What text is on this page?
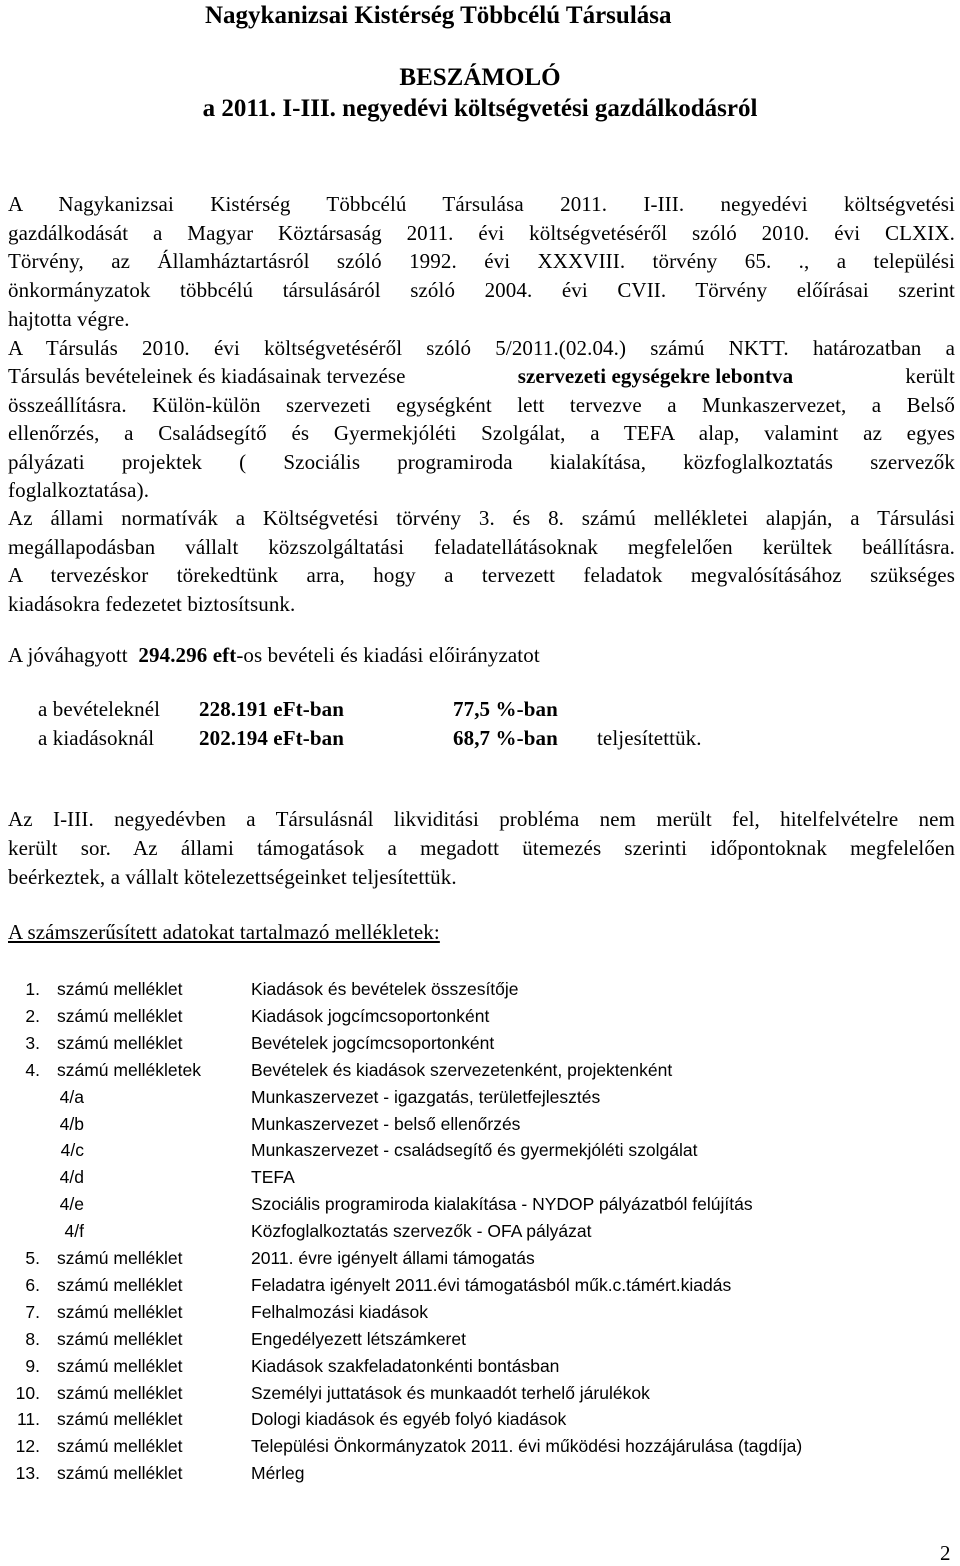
Nagykanizsai Kistérség Többcélú Társulása
BESZÁMOLÓ
a 2011. I-III. negyedévi költségvetési gazdálkodásról
A Nagykanizsai Kistérség Többcélú Társulása 2011. I-III. negyedévi költségvetési
gazdálkodását a Magyar Köztársaság 2011. évi költségvetéséről szóló 2010. évi CLXIX.
Törvény, az Államháztartásról szóló 1992. évi XXXVIII. törvény 65. ., a települési
önkormányzatok többcélú társulásáról szóló 2004. évi CVII. Törvény előírásai szerint
hajtotta végre.
A Társulás 2010. évi költségvetéséről szóló 5/2011.(02.04.) számú NKTT. határozatban a
Társulás bevételeinek és kiadásainak tervezése	szervezeti egységekre lebontva	került
összeállításra. Külön-külön szervezeti egységként lett tervezve a Munkaszervezet, a Belső
ellenőrzés, a Családsegítő és Gyermekjóléti Szolgálat, a TEFA alap, valamint az egyes
pályázati projektek ( Szociális programiroda kialakítása, közfoglalkoztatás szervezők
foglalkoztatása).
Az állami normatívák a Költségvetési törvény 3. és 8. számú mellékletei alapján, a Társulási
megállapodásban vállalt közszolgáltatási feladatellátásoknak megfelelően kerültek beállításra.
A tervezéskor törekedtünk arra, hogy a tervezett feladatok megvalósításához szükséges
kiadásokra fedezetet biztosítsunk.
A jóváhagyott 294.296 eft-os bevételi és kiadási előirányzatot
a bevételeknél 228.191 eFt-ban	77,5 %-ban
a kiadásoknál 202.194 eFt-ban	68,7 %-ban teljesítettük.
Az I-III. negyedévben a Társulásnál likviditási probléma nem merült fel, hitelfelvételre nem
került sor. Az állami támogatások a megadott ütemezés szerinti időpontoknak megfelelően
beérkeztek, a vállalt kötelezettségeinket teljesítettük.
A számszerűsített adatokat tartalmazó mellékletek:
1. számú melléklet	Kiadások és bevételek összesítője
2. számú melléklet	Kiadások jogcímcsoportonként
3. számú melléklet	Bevételek jogcímcsoportonként
4. számú mellékletek	Bevételek és kiadások szervezetenként, projektenként
4/a	Munkaszervezet - igazgatás, területfejlesztés
4/b	Munkaszervezet - belső ellenőrzés
4/c	Munkaszervezet - családsegítő és gyermekjóléti szolgálat
4/d	TEFA
4/e	Szociális programiroda kialakítása - NYDOP pályázatból felújítás
4/f	Közfoglalkoztatás szervezők - OFA pályázat
5. számú melléklet	2011. évre igényelt állami támogatás
6. számú melléklet	Feladatra igényelt 2011.évi támogatásból műk.c.támért.kiadás
7. számú melléklet	Felhalmozási kiadások
8. számú melléklet	Engedélyezett létszámkeret
9. számú melléklet	Kiadások szakfeladatonkénti bontásban
10. számú melléklet	Személyi juttatások és munkaadót terhelő járulékok
11. számú melléklet	Dologi kiadások és egyéb folyó kiadások
12. számú melléklet	Települési Önkormányzatok 2011. évi működési hozzájárulása (tagdíja)
13. számú melléklet	Mérleg
2
